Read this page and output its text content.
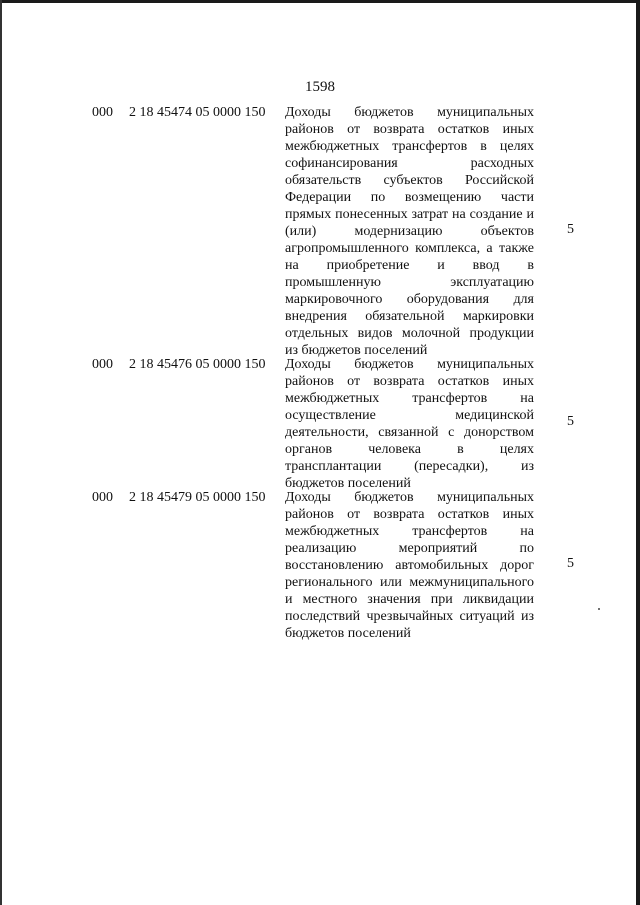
1598
000 2 18 45474 05 0000 150 Доходы бюджетов муниципальных
районов от возврата остатков иных
межбюджетных трансфертов в целях
софинансирования расходных
обязательств субъектов Российской
Федерации по возмещению части
прямых понесенных затрат на создание и
(или) модернизацию объектов
агропромышленного комплекса, а также
на приобретение и ввод в
промышленную эксплуатацию
маркировочного оборудования для
внедрения обязательной маркировки
отдельных видов молочной продукции
из бюджетов поселений
5
000 2 18 45476 05 0000 150 Доходы бюджетов муниципальных
районов от возврата остатков иных
межбюджетных трансфертов на
осуществление медицинской
деятельности, связанной с донорством
органов человека в целях
трансплантации (пересадки), из
бюджетов поселений
5
000 2 18 45479 05 0000 150 Доходы бюджетов муниципальных
районов от возврата остатков иных
межбюджетных трансфертов на
реализацию мероприятий по
восстановлению автомобильных дорог
регионального или межмуниципального
и местного значения при ликвидации
последствий чрезвычайных ситуаций из
бюджетов поселений
5
